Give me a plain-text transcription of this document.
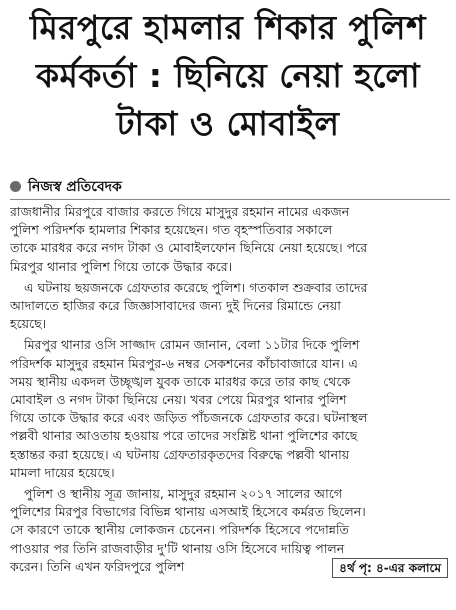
মিরপুরে হামলার শিকার পুলিশ
কর্মকর্তা : ছিনিয়ে নেয়া হলো
টাকা ও মোবাইল
নিজস্ব প্রতিবেদক
রাজধানীর মিরপুরে বাজার করতে গিয়ে মাসুদুর রহমান নামের একজন
পুলিশ পরিদর্শক হামলার শিকার হয়েছেন। গত বৃহস্পতিবার সকালে
তাকে মারধর করে নগদ টাকা ও মোবাইলফোন ছিনিয়ে নেয়া হয়েছে। পরে
মিরপুর থানার পুলিশ গিয়ে তাকে উদ্ধার করে।
এ ঘটনায় ছয়জনকে গ্রেফতার করেছে পুলিশ। গতকাল শুক্রবার তাদের
আদালতে হাজির করে জিজ্ঞাসাবাদের জন্য দুই দিনের রিমান্ডে নেয়া
হয়েছে।
মিরপুর থানার ওসি সাজ্জাদ রোমন জানান, বেলা ১১টার দিকে পুলিশ
পরিদর্শক মাসুদুর রহমান মিরপুর-৬ নম্বর সেকশনের কাঁচাবাজারে যান। এ
সময় স্থানীয় একদল উচ্ছৃঙ্খল যুবক তাকে মারধর করে তার কাছ থেকে
মোবাইল ও নগদ টাকা ছিনিয়ে নেয়। খবর পেয়ে মিরপুর থানার পুলিশ
গিয়ে তাকে উদ্ধার করে এবং জড়িত পাঁচজনকে গ্রেফতার করে। ঘটনাস্থল
পল্লবী থানার আওতায় হওয়ায় পরে তাদের সংশ্লিষ্ট থানা পুলিশের কাছে
হস্তান্তর করা হয়েছে। এ ঘটনায় গ্রেফতারকৃতদের বিরুদ্ধে পল্লবী থানায়
মামলা দায়ের হয়েছে।
পুলিশ ও স্থানীয় সূত্র জানায়, মাসুদুর রহমান ২০১৭ সালের আগে
পুলিশের মিরপুর বিভাগের বিভিন্ন থানায় এসআই হিসেবে কর্মরত ছিলেন।
সে কারণে তাকে স্থানীয় লোকজন চেনেন। পরিদর্শক হিসেবে পদোন্নতি
পাওয়ার পর তিনি রাজবাড়ীর দু'টি থানায় ওসি হিসেবে দায়িত্ব পালন
করেন। তিনি এখন ফরিদপুরে পুলিশ	৪র্থ পৃ: ৪-এর কলামে
